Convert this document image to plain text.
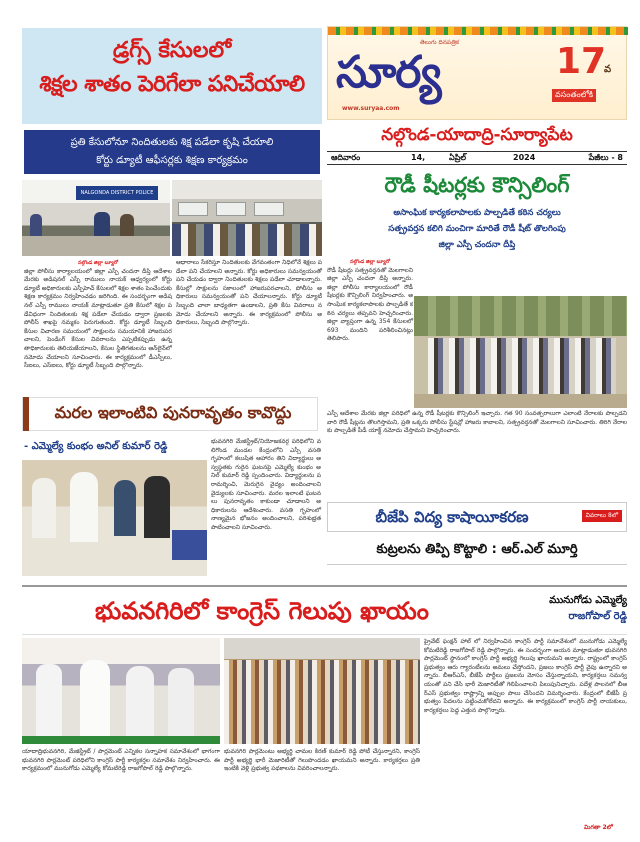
డ్రగ్స్ కేసులలో
శిక్షల శాతం పెరిగేలా పనిచేయాలి
ప్రతి కేసులోనూ నిందితులకు శిక్ష పడేలా కృషి చేయాలి
కోర్టు డ్యూటీ ఆఫీసర్లకు శిక్షణ కార్యక్రమం
NALGONDA DISTRICT POLICE
నల్గొండ జిల్లా బ్యూరో
జిల్లా పోలీసు కార్యాలయంలో జిల్లా ఎస్పీ చందనా దీప్తి ఆదేశాల మేరకు అడిషనల్ ఎస్పీ రాములు నాయక్ ఆధ్వర్యంలో కోర్టు డ్యూటీ అధికారులకు ఎస్పీహెచ్ కేసులలో శిక్షల శాతం పెంచేందుకు శిక్షణ కార్యక్రమం నిర్వహించడం జరిగింది. ఈ సందర్భంగా అడిషనల్ ఎస్పీ రాములు నాయక్ మాట్లాడుతూ ప్రతి కేసులో శిక్షల పడేవిధంగా నిందితులకు శిక్ష పడేలా చేయడం ద్వారా ప్రజలకు పోలీస్ శాఖపై నమ్మకం పెరుగుతుంది. కోర్టు డ్యూటీ సిబ్బంది కేసుల విచారణ సమయంలో సాక్షులను సమయానికి హాజరుపరచాలని, పెండింగ్ కేసుల వివరాలను ఎప్పటికప్పుడు ఉన్నతాధికారులకు తెలియజేయాలని, కేసుల స్థితిగతులను ఆన్‌లైన్‌లో నమోదు చేయాలని సూచించారు. ఈ కార్యక్రమంలో డీఎస్పీలు, సీఐలు, ఎస్ఐలు, కోర్టు డ్యూటీ సిబ్బంది పాల్గొన్నారు.
ఆధారాలు సేకరిస్తూ నిందితులకు వేగవంతంగా నిధిలోనే శిక్షలు పడేలా పని చేయాలని అన్నారు. కోర్టు అధికారులు సమన్వయంతో పని చేయడం ద్వారా నిందితులకు శిక్షలు పడేలా చూడాలన్నారు. కేసుల్లో సాక్షులను సకాలంలో హాజరుపరచాలని, పోలీసు అధికారులు సమన్వయంతో పని చేయాలన్నారు. కోర్టు డ్యూటీ సిబ్బంది చాలా బాధ్యతగా ఉండాలని, ప్రతి కేసు వివరాలు నమోదు చేయాలని అన్నారు. ఈ కార్యక్రమంలో పోలీసు అధికారులు, సిబ్బంది పాల్గొన్నారు.
సూర్య
తెలుగు దినపత్రిక
www.suryaa.com
17
వ
వసంతంలోకి
నల్గొండ-యాదాద్రి-సూర్యాపేట
ఆదివారం	14,	ఏప్రిల్	2024	పేజీలు - 8
రౌడీ షీటర్లకు కౌన్సిలింగ్
అసాంఘిక కార్యకలాపాలకు పాల్పడితే కఠిన చర్యలు
సత్ప్రవర్తన కలిగి మంచిగా మారితే రౌడీ షీట్ తొలగింపు
జిల్లా ఎస్పీ చందనా దీప్తి
నల్గొండ జిల్లా బ్యూరో
రౌడీ షీటర్లు సత్ప్రవర్తనతో మెలగాలని జిల్లా ఎస్పీ చందనా దీప్తి అన్నారు. జిల్లా పోలీసు కార్యాలయంలో రౌడీ షీటర్లకు కౌన్సిలింగ్ నిర్వహించారు. అసాంఘిక కార్యకలాపాలకు పాల్పడితే కఠిన చర్యలు తప్పవని హెచ్చరించారు. జిల్లా వ్యాప్తంగా ఉన్న 354 కేసులలో 693 మందిని పరిశీలించినట్లు తెలిపారు.
ఎస్పీ ఆదేశాల మేరకు జిల్లా పరిధిలో ఉన్న రౌడీ షీటర్లకు కౌన్సిలింగ్ ఇచ్చారు. గత 90 సంవత్సరాలుగా ఎలాంటి నేరాలకు పాల్పడని వారి రౌడీ షీట్లను తొలగిస్తామని, ప్రతి ఒక్కరు పోలీసు స్టేషన్లో హాజరు కావాలని, సత్ప్రవర్తనతో మెలగాలని సూచించారు. తిరిగి నేరాలకు పాల్పడితే పీడీ యాక్ట్ నమోదు చేస్తామని హెచ్చరించారు.
మరల ఇలాంటివి పునరావృతం కావొద్దు
- ఎమ్మెల్యే కుంభం అనిల్ కుమార్ రెడ్డి	భువనగిరి మేజిస్ట్రేట్/నియోజకవర్గ పరిధిలోని వలిగొండ మండల కేంద్రంలోని ఎస్సీ వసతి గృహంలో కలుషిత ఆహారం తిని విద్యార్థులు అస్వస్థతకు గురైన ఘటనపై ఎమ్మెల్యే కుంభం అనిల్ కుమార్ రెడ్డి స్పందించారు. విద్యార్థులను పరామర్శించి, మెరుగైన వైద్యం అందించాలని వైద్యులకు సూచించారు. మరల ఇలాంటి ఘటనలు పునరావృతం కాకుండా చూడాలని అధికారులను ఆదేశించారు. వసతి గృహంలో నాణ్యమైన భోజనం అందించాలని, పరిశుభ్రత పాటించాలని సూచించారు.
బీజేపి విద్య కాషాయీకరణ	వివరాలు 8లో
కుట్రలను తిప్పి కొట్టాలి : ఆర్.ఎల్ మూర్తి
భువనగిరిలో కాంగ్రెస్ గెలుపు ఖాయం	మునుగోడు ఎమ్మెల్యే
రాజగోపాల్ రెడ్డి
ప్రైవేట్ ఫంక్షన్ హాల్ లో నిర్వహించిన కాంగ్రెస్ పార్టీ సమావేశంలో మునుగోడు ఎమ్మెల్యే కోమటిరెడ్డి రాజగోపాల్ రెడ్డి పాల్గొన్నారు. ఈ సందర్భంగా ఆయన మాట్లాడుతూ భువనగిరి పార్లమెంట్ స్థానంలో కాంగ్రెస్ పార్టీ అభ్యర్థి గెలుపు ఖాయమని అన్నారు. రాష్ట్రంలో కాంగ్రెస్ ప్రభుత్వం ఆరు గ్యారంటీలను అమలు చేస్తోందని, ప్రజలు కాంగ్రెస్ పార్టీ వైపు ఉన్నారని అన్నారు. బీఆర్ఎస్, బీజేపీ పార్టీలు ప్రజలను మోసం చేస్తున్నాయని, కార్యకర్తలు సమన్వయంతో పని చేసి భారీ మెజారిటీతో గెలిపించాలని పిలుపునిచ్చారు. పదేళ్ల పాలనలో బీఆర్ఎస్ ప్రభుత్వం రాష్ట్రాన్ని అప్పుల పాలు చేసిందని విమర్శించారు. కేంద్రంలో బీజేపీ ప్రభుత్వం పేదలను పట్టించుకోలేదని అన్నారు. ఈ కార్యక్రమంలో కాంగ్రెస్ పార్టీ నాయకులు, కార్యకర్తలు పెద్ద ఎత్తున పాల్గొన్నారు.
మిగతా 2లో
యాదాద్రిభువనగిరి, మేజిస్ట్రేట్ / పార్లమెంట్ ఎన్నికల సన్నాహక సమావేశంలో భాగంగా భువనగిరి పార్లమెంట్ పరిధిలోని కాంగ్రెస్ పార్టీ కార్యకర్తల సమావేశం నిర్వహించారు. ఈ కార్యక్రమంలో మునుగోడు ఎమ్మెల్యే కోమటిరెడ్డి రాజగోపాల్ రెడ్డి పాల్గొన్నారు.
భువనగిరి పార్లమెంటు అభ్యర్థి చామల కిరణ్ కుమార్ రెడ్డి పోటీ చేస్తున్నారని, కాంగ్రెస్ పార్టీ అభ్యర్థి భారీ మెజారిటీతో గెలుపొందడం ఖాయమని అన్నారు. కార్యకర్తలు ప్రతి ఇంటికి వెళ్లి ప్రభుత్వ పథకాలను వివరించాలన్నారు.
